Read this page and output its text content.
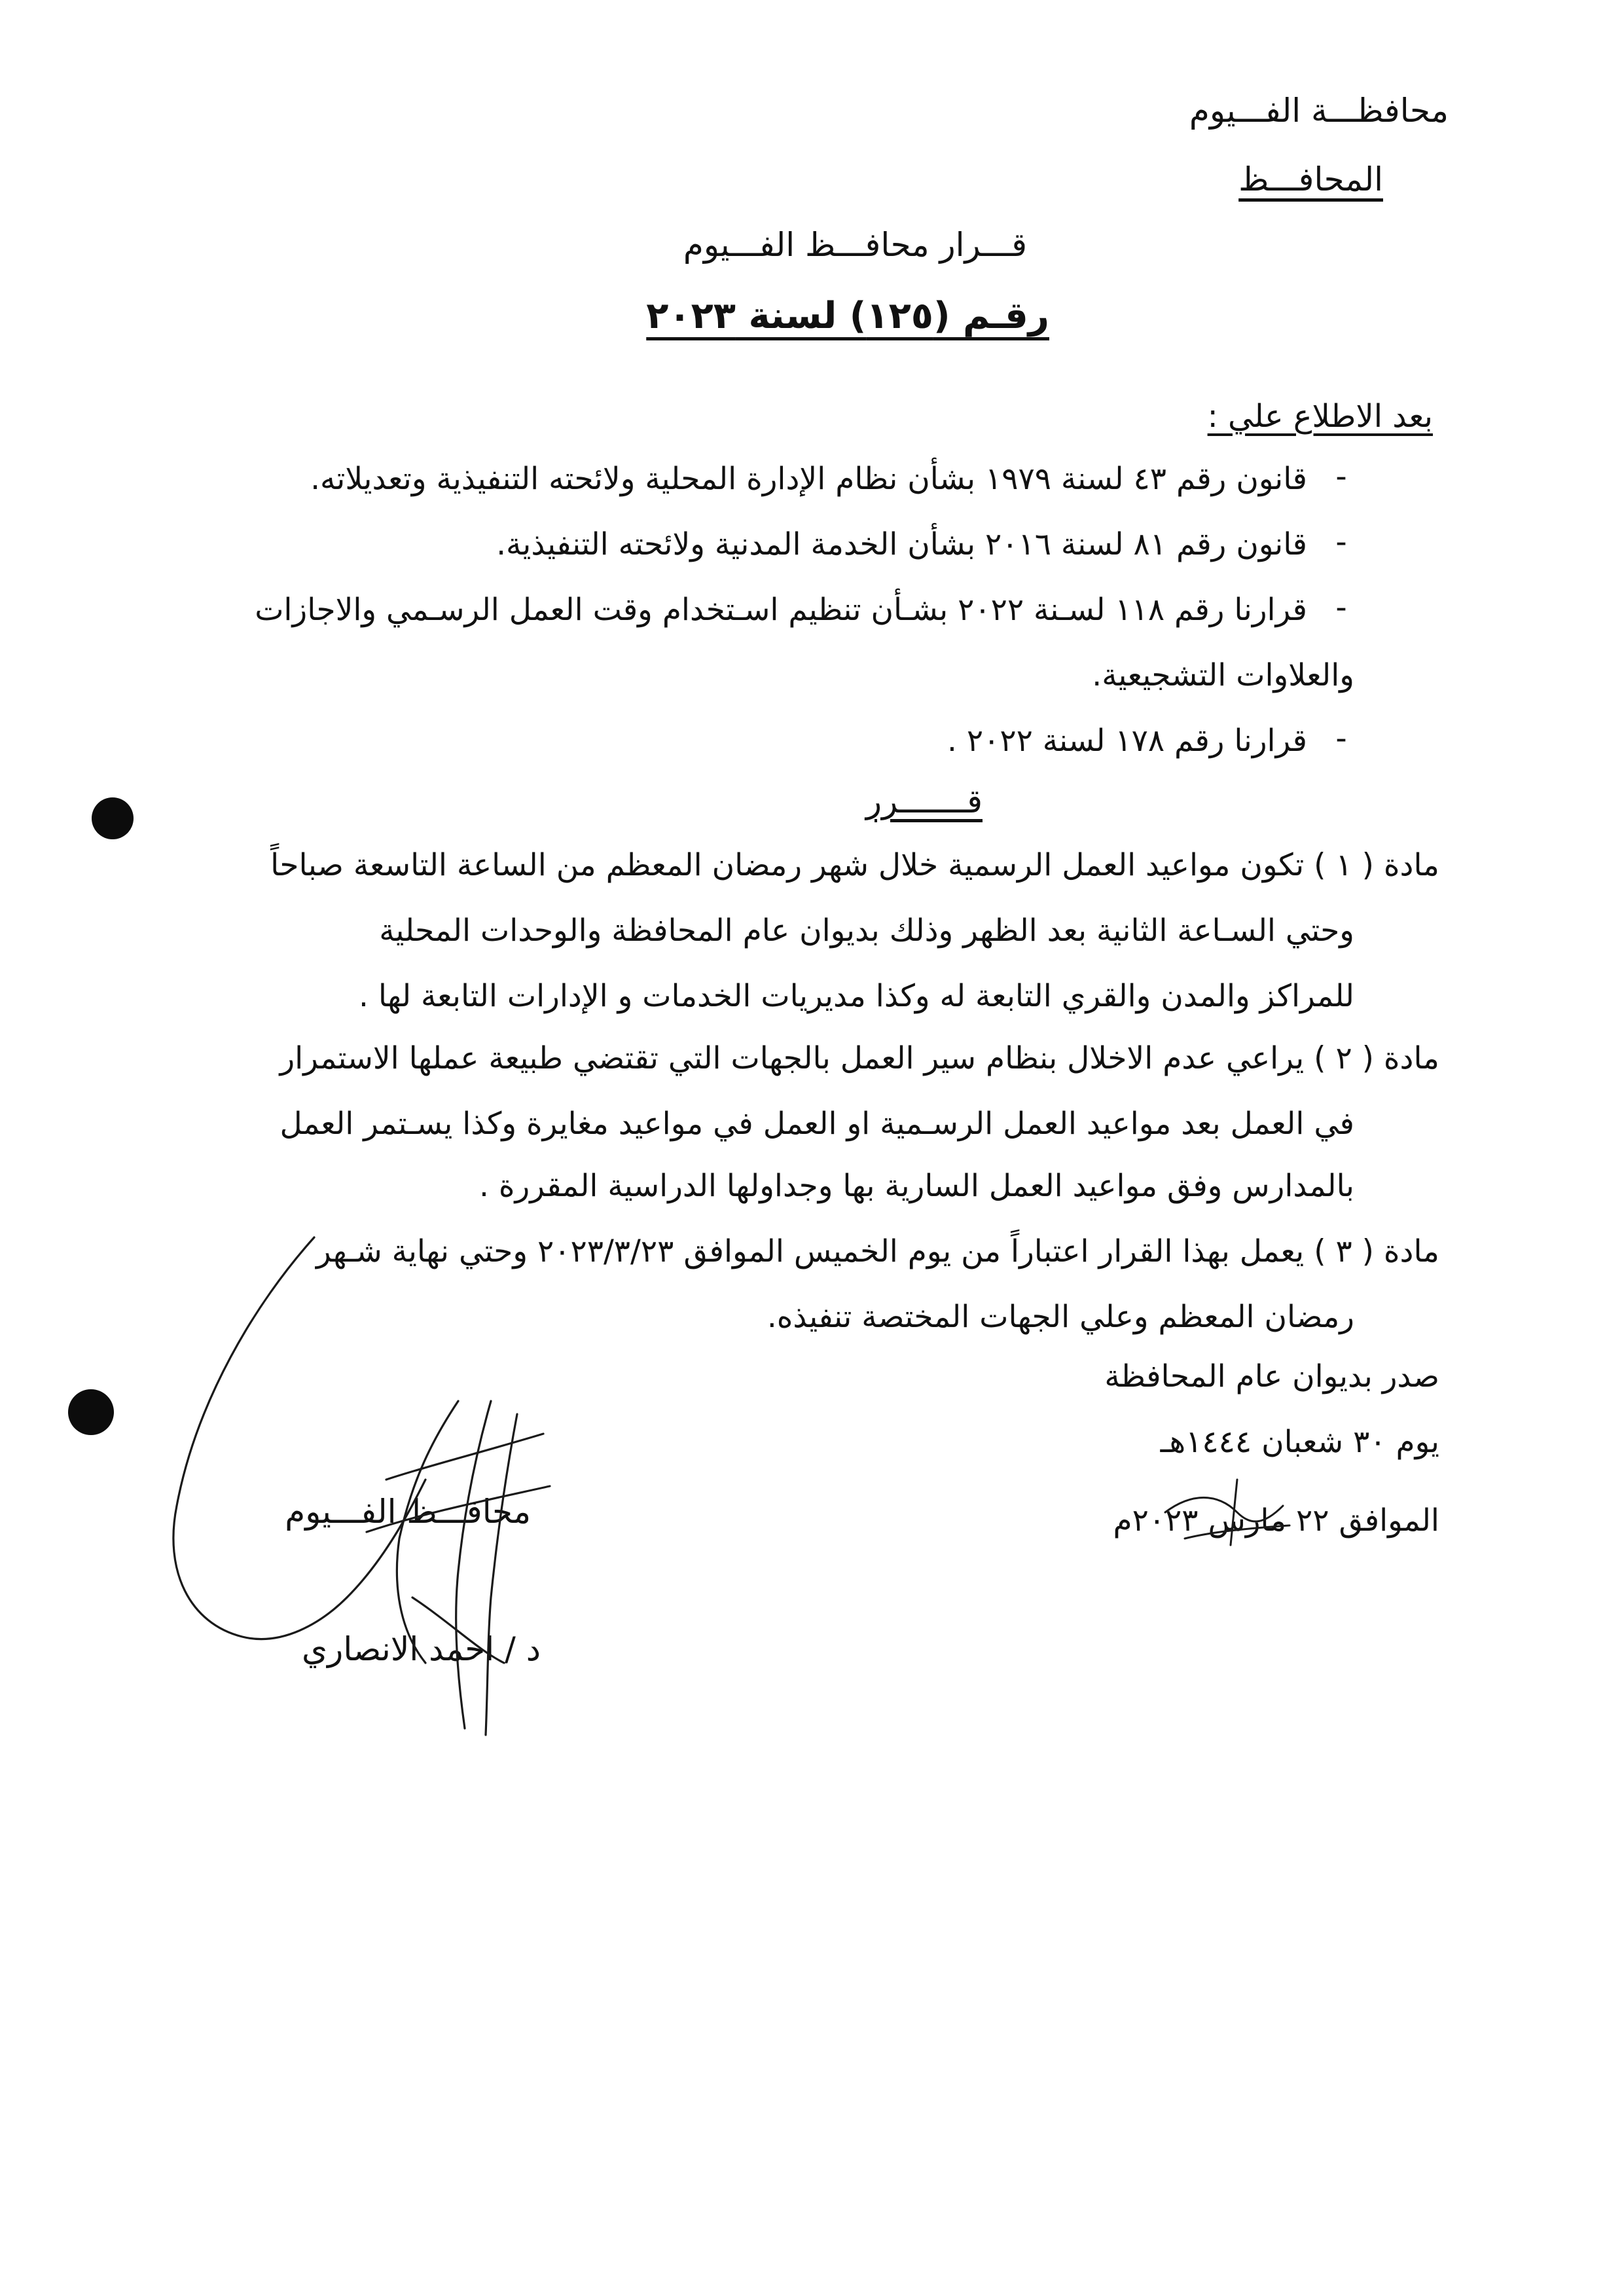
محافظـــة الفـــيوم
المحافـــظ
قـــرار محافـــظ الفـــيوم
رقـم (١٢٥) لسنة ٢٠٢٣
بعد الاطلاع علي :
-
قانون رقم ٤٣ لسنة ١٩٧٩ بشأن نظام الإدارة المحلية ولائحته التنفيذية وتعديلاته.
-
قانون رقم ٨١ لسنة ٢٠١٦ بشأن الخدمة المدنية ولائحته التنفيذية.
-
قرارنا رقم ١١٨ لسـنة ٢٠٢٢ بشـأن تنظيم اسـتخدام وقت العمل الرسـمي والاجازات
والعلاوات التشجيعية.
-
قرارنا رقم ١٧٨ لسنة ٢٠٢٢ .
قـــــــرر
مادة ( ١ ) تكون مواعيد العمل الرسمية خلال شهر رمضان المعظم من الساعة التاسعة صباحاً
وحتي السـاعة الثانية بعد الظهر وذلك بديوان عام المحافظة والوحدات المحلية
للمراكز والمدن والقري التابعة له وكذا مديريات الخدمات و الإدارات التابعة لها .
مادة ( ٢ ) يراعي عدم الاخلال بنظام سير العمل بالجهات التي تقتضي طبيعة عملها الاستمرار
في العمل بعد مواعيد العمل الرسـمية او العمل في مواعيد مغايرة وكذا يسـتمر العمل
بالمدارس وفق مواعيد العمل السارية بها وجداولها الدراسية المقررة .
مادة ( ٣ ) يعمل بهذا القرار اعتباراً من يوم الخميس الموافق ٢٠٢٣/٣/٢٣ وحتي نهاية شـهر
رمضان المعظم وعلي الجهات المختصة تنفيذه.
صدر بديوان عام المحافظة
يوم ٣٠ شعبان ١٤٤٤هـ
الموافق ٢٢ مارس ٢٠٢٣م
محافـــظ الفـــيوم
د / احمد الانصاري
